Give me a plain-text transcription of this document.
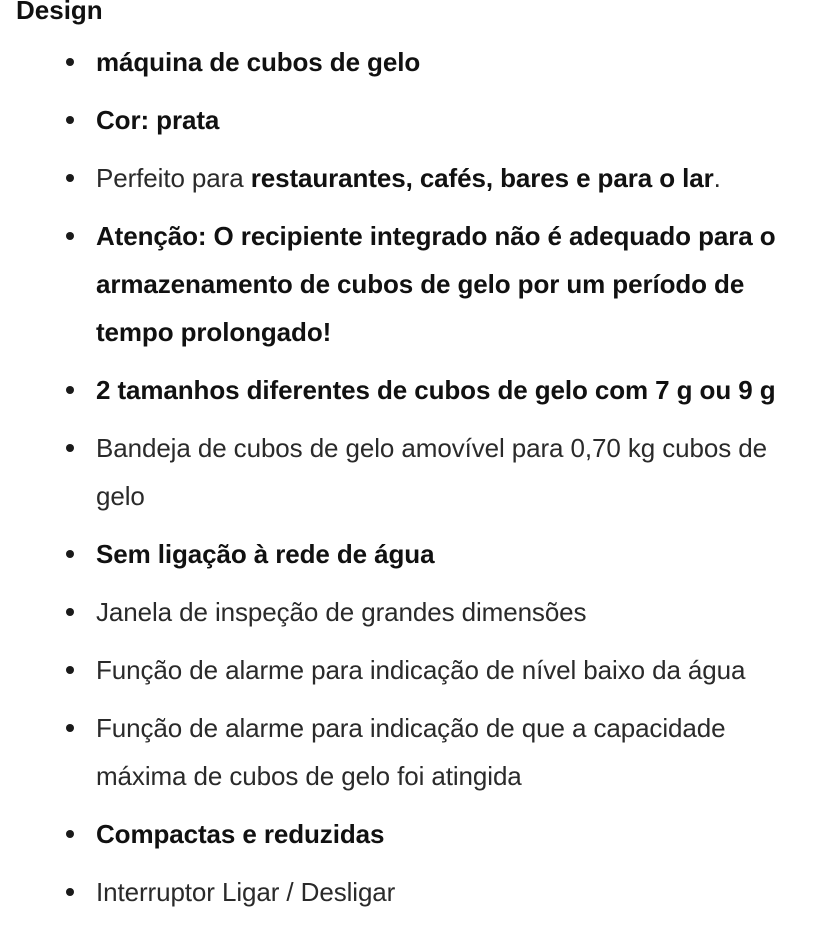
Design
máquina de cubos de gelo
Cor: prata
Perfeito para restaurantes, cafés, bares e para o lar.
Atenção: O recipiente integrado não é adequado para o armazenamento de cubos de gelo por um período de tempo prolongado!
2 tamanhos diferentes de cubos de gelo com 7 g ou 9 g
Bandeja de cubos de gelo amovível para 0,70 kg cubos de gelo
Sem ligação à rede de água
Janela de inspeção de grandes dimensões
Função de alarme para indicação de nível baixo da água
Função de alarme para indicação de que a capacidade máxima de cubos de gelo foi atingida
Compactas e reduzidas
Interruptor Ligar / Desligar
